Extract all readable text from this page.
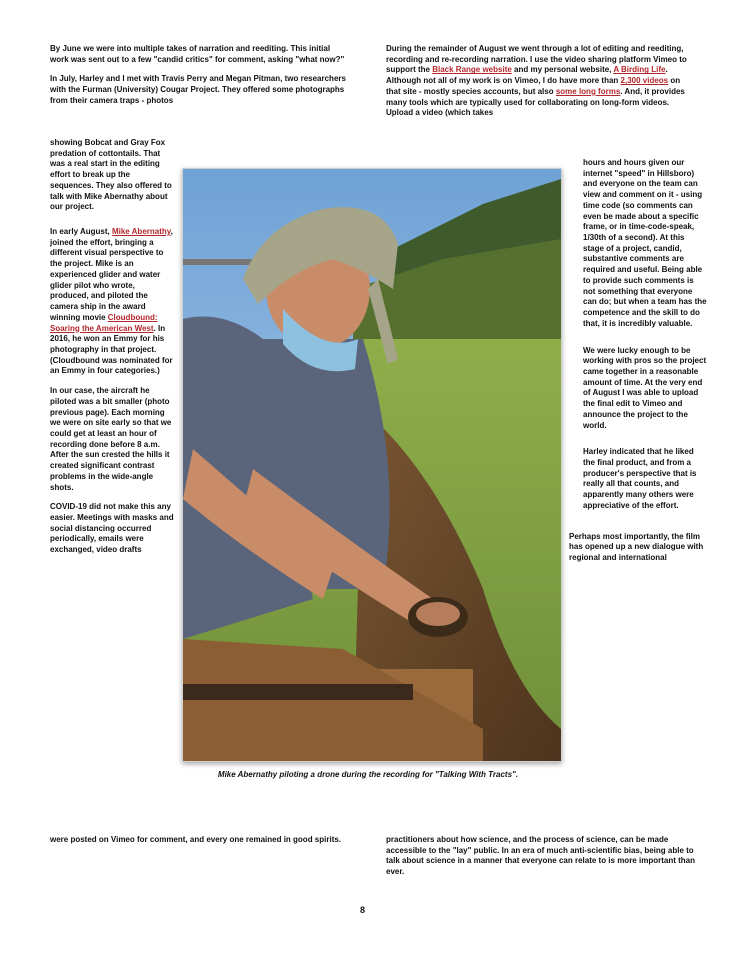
By June we were into multiple takes of narration and reediting. This initial work was sent out to a few "candid critics" for comment, asking "what now?"

In July, Harley and I met with Travis Perry and Megan Pitman, two researchers with the Furman (University) Cougar Project. They offered some photographs from their camera traps - photos

showing Bobcat and Gray Fox predation of cottontails. That was a real start in the editing effort to break up the sequences. They also offered to talk with Mike Abernathy about our project.

In early August, Mike Abernathy, joined the effort, bringing a different visual perspective to the project. Mike is an experienced glider and water glider pilot who wrote, produced, and piloted the camera ship in the award winning movie Cloudbound: Soaring the American West. In 2016, he won an Emmy for his photography in that project. (Cloudbound was nominated for an Emmy in four categories.)

In our case, the aircraft he piloted was a bit smaller (photo previous page). Each morning we were on site early so that we could get at least an hour of recording done before 8 a.m. After the sun crested the hills it created significant contrast problems in the wide-angle shots.

COVID-19 did not make this any easier. Meetings with masks and social distancing occurred periodically, emails were exchanged, video drafts

were posted on Vimeo for comment, and every one remained in good spirits.

During the remainder of August we went through a lot of editing and reediting, recording and re-recording narration. I use the video sharing platform Vimeo to support the Black Range website and my personal website, A Birding Life. Although not all of my work is on Vimeo, I do have more than 2,300 videos on that site - mostly species accounts, but also some long forms. And, it provides many tools which are typically used for collaborating on long-form videos. Upload a video (which takes

hours and hours given our internet "speed" in Hillsboro) and everyone on the team can view and comment on it - using time code (so comments can even be made about a specific frame, or in time-code-speak, 1/30th of a second). At this stage of a project, candid, substantive comments are required and useful. Being able to provide such comments is not something that everyone can do; but when a team has the competence and the skill to do that, it is incredibly valuable.

We were lucky enough to be working with pros so the project came together in a reasonable amount of time. At the very end of August I was able to upload the final edit to Vimeo and announce the project to the world.

Harley indicated that he liked the final product, and from a producer's perspective that is really all that counts, and apparently many others were appreciative of the effort.

Perhaps most importantly, the film has opened up a new dialogue with regional and international

practitioners about how science, and the process of science, can be made accessible to the "lay" public. In an era of much anti-scientific bias, being able to talk about science in a manner that everyone can relate to is more important than ever.

Mike Abernathy piloting a drone during the recording for "Talking With Tracts".
8
